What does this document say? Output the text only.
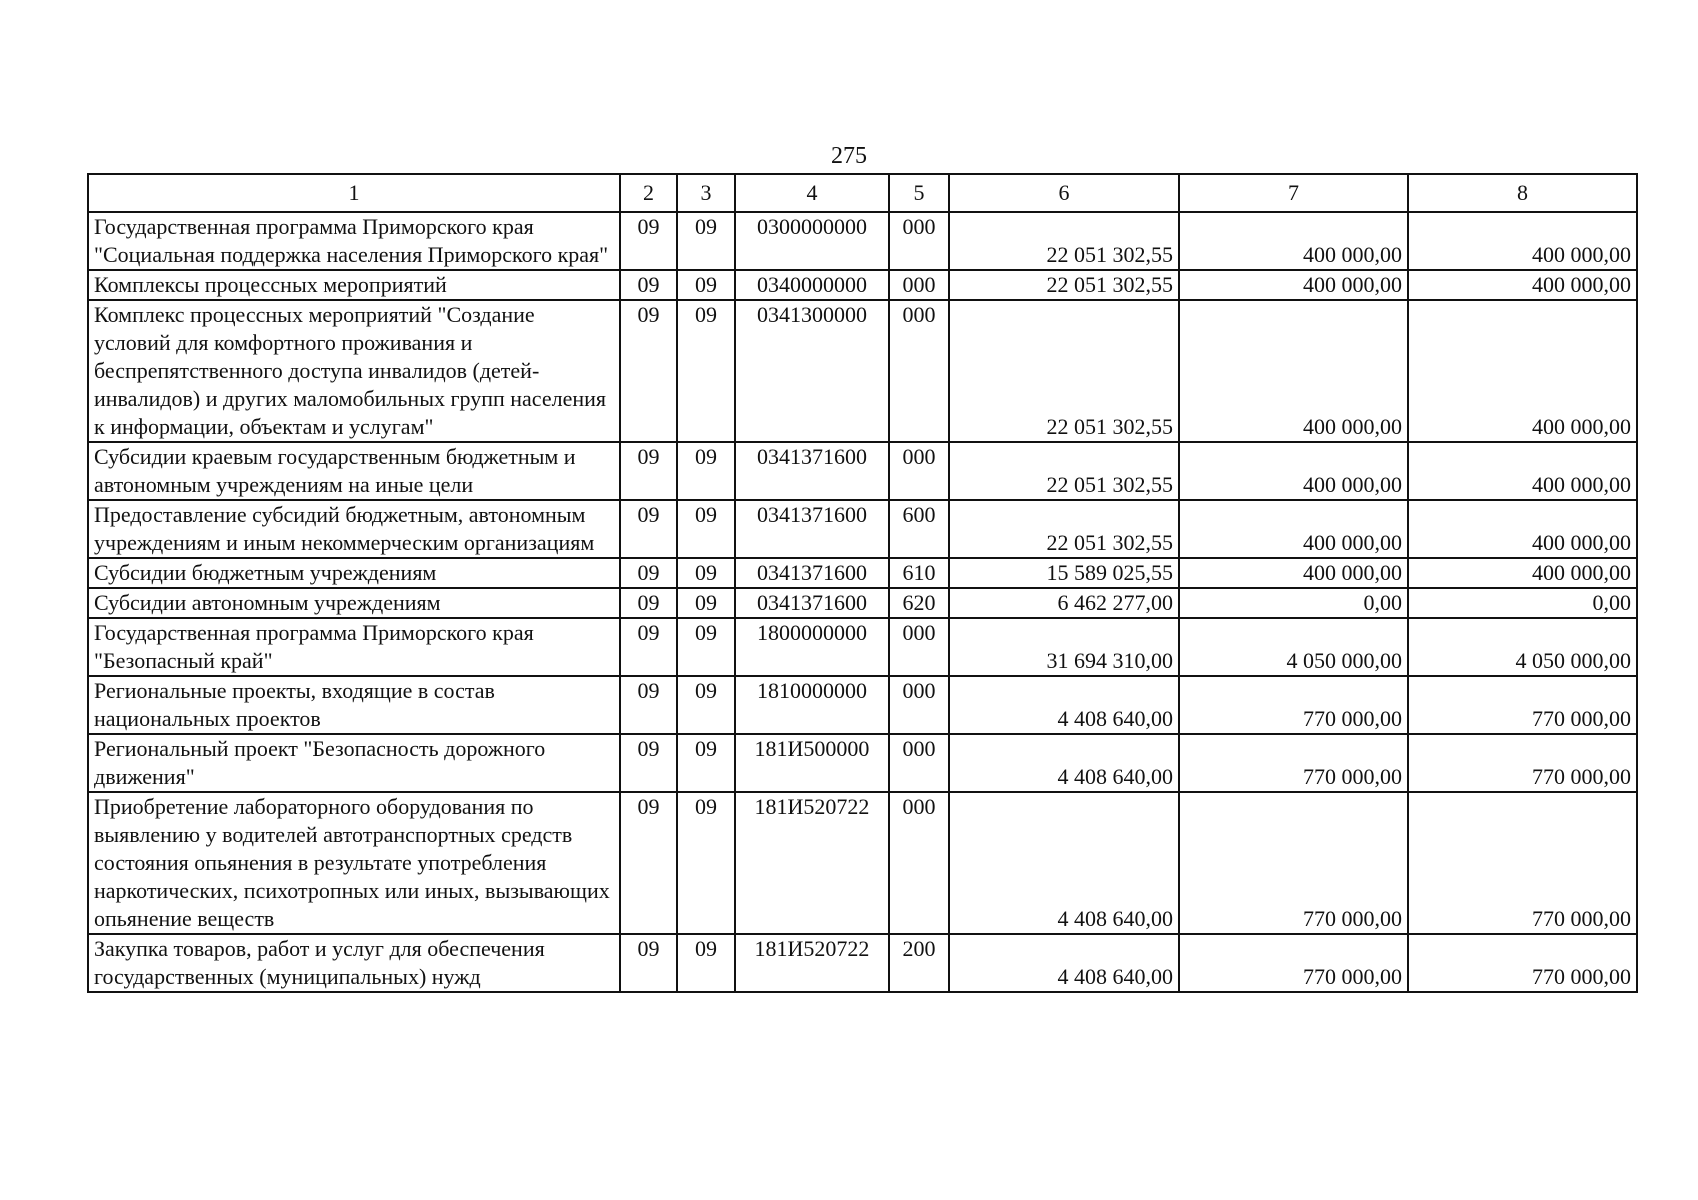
275
1	2	3	4	5	6	7	8
Государственная программа Приморского края "Социальная поддержка населения Приморского края"	09	09	0300000000	000	22 051 302,55	400 000,00	400 000,00
Комплексы процессных мероприятий	09	09	0340000000	000	22 051 302,55	400 000,00	400 000,00
Комплекс процессных мероприятий "Создание условий для комфортного проживания и беспрепятственного доступа инвалидов (детей-инвалидов) и других маломобильных групп населения к информации, объектам и услугам"	09	09	0341300000	000	22 051 302,55	400 000,00	400 000,00
Субсидии краевым государственным бюджетным и автономным учреждениям на иные цели	09	09	0341371600	000	22 051 302,55	400 000,00	400 000,00
Предоставление субсидий бюджетным, автономным учреждениям и иным некоммерческим организациям	09	09	0341371600	600	22 051 302,55	400 000,00	400 000,00
Субсидии бюджетным учреждениям	09	09	0341371600	610	15 589 025,55	400 000,00	400 000,00
Субсидии автономным учреждениям	09	09	0341371600	620	6 462 277,00	0,00	0,00
Государственная программа Приморского края "Безопасный край"	09	09	1800000000	000	31 694 310,00	4 050 000,00	4 050 000,00
Региональные проекты, входящие в состав национальных проектов	09	09	1810000000	000	4 408 640,00	770 000,00	770 000,00
Региональный проект "Безопасность дорожного движения"	09	09	181И500000	000	4 408 640,00	770 000,00	770 000,00
Приобретение лабораторного оборудования по выявлению у водителей автотранспортных средств состояния опьянения в результате употребления наркотических, психотропных или иных, вызывающих опьянение веществ	09	09	181И520722	000	4 408 640,00	770 000,00	770 000,00
Закупка товаров, работ и услуг для обеспечения государственных (муниципальных) нужд	09	09	181И520722	200	4 408 640,00	770 000,00	770 000,00
